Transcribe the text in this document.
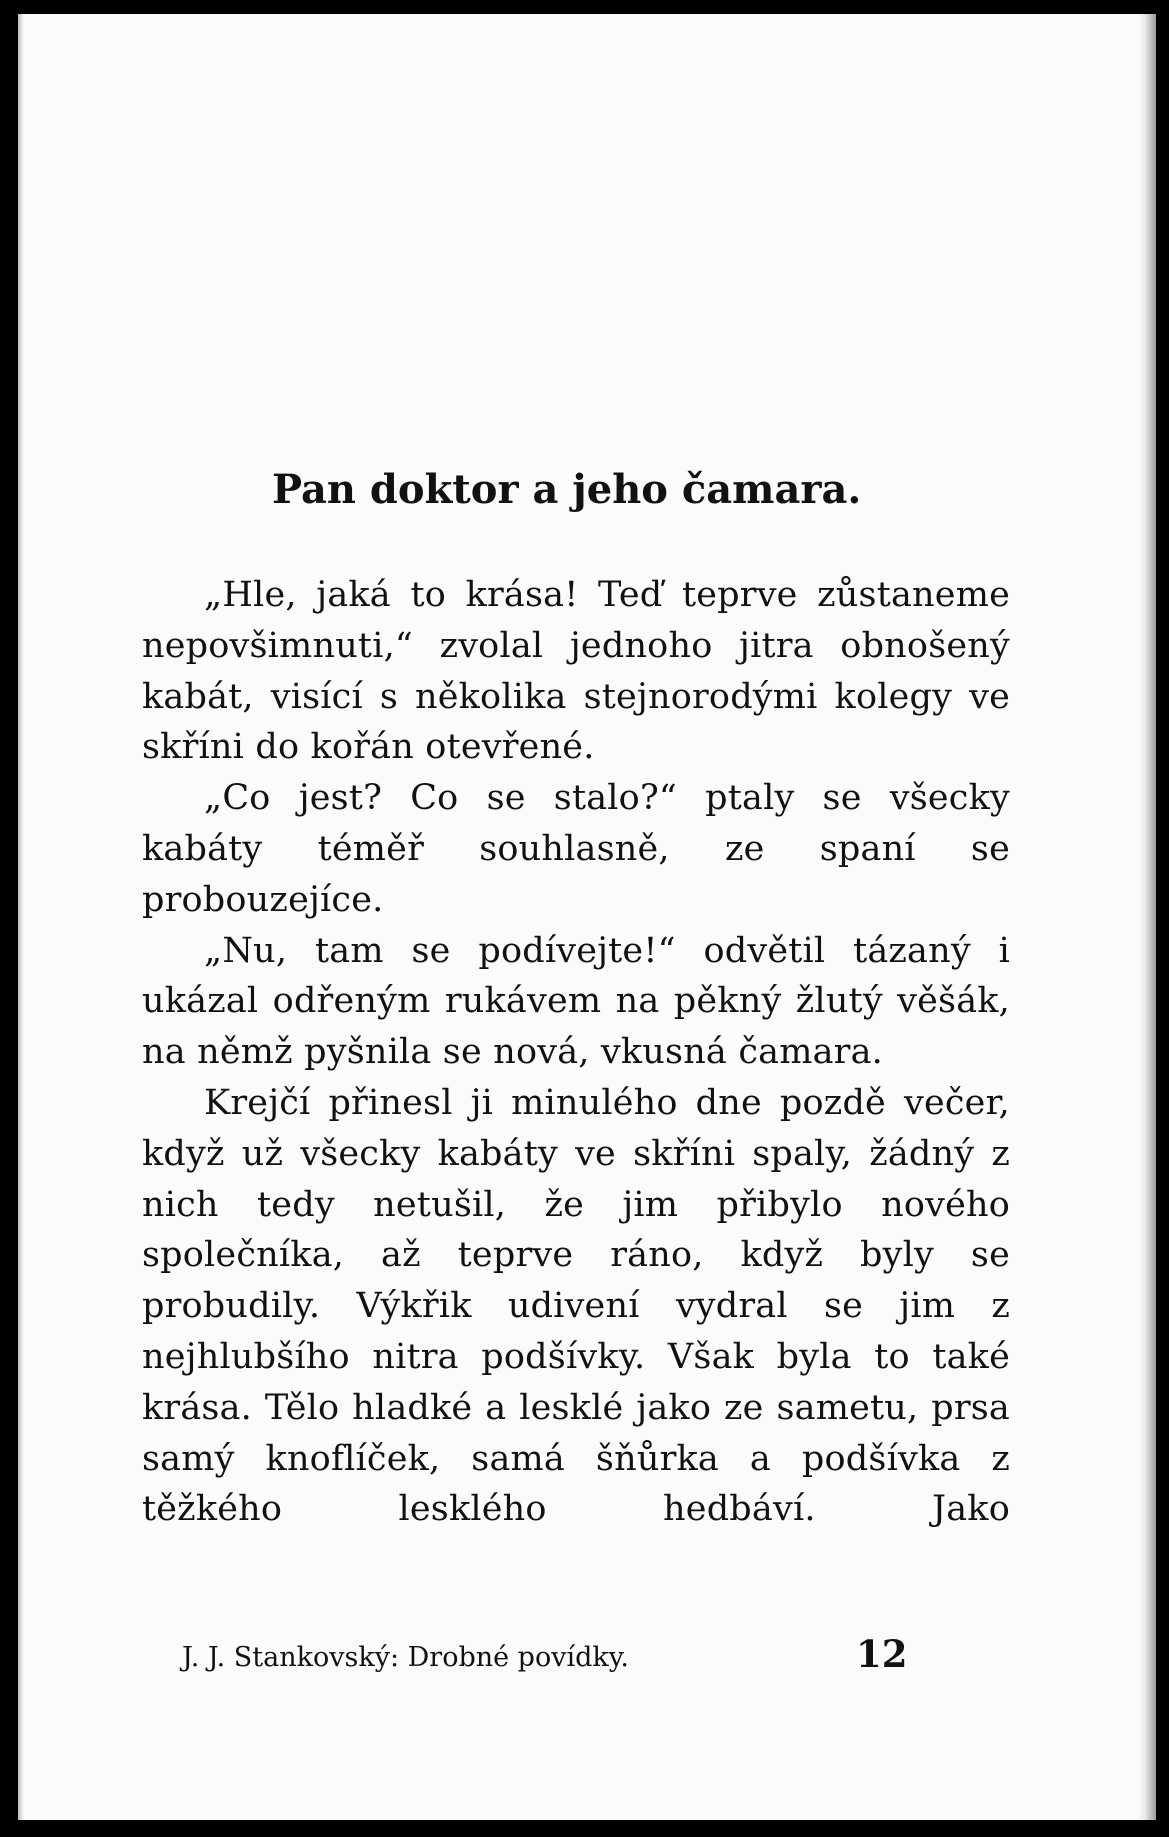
Pan doktor a jeho čamara.

„Hle, jaká to krása! Teď teprve zůstaneme nepovšimnuti,“ zvolal jednoho jitra obnošený kabát, visící s několika stejnorodými kolegy ve skříni do kořán otevřené.

„Co jest? Co se stalo?“ ptaly se všecky kabáty téměř souhlasně, ze spaní se probouzejíce.

„Nu, tam se podívejte!“ odvětil tázaný i ukázal odřeným rukávem na pěkný žlutý věšák, na němž pyšnila se nová, vkusná čamara.

Krejčí přinesl ji minulého dne pozdě večer, když už všecky kabáty ve skříni spaly, žádný z nich tedy netušil, že jim přibylo nového společníka, až teprve ráno, když byly se probudily. Výkřik udivení vydral se jim z nejhlubšího nitra podšívky. Však byla to také krása. Tělo hladké a lesklé jako ze sametu, prsa samý knoflíček, samá šňůrka a podšívka z těžkého lesklého hedbáví. Jako

J. J. Stankovský: Drobné povídky.	12
